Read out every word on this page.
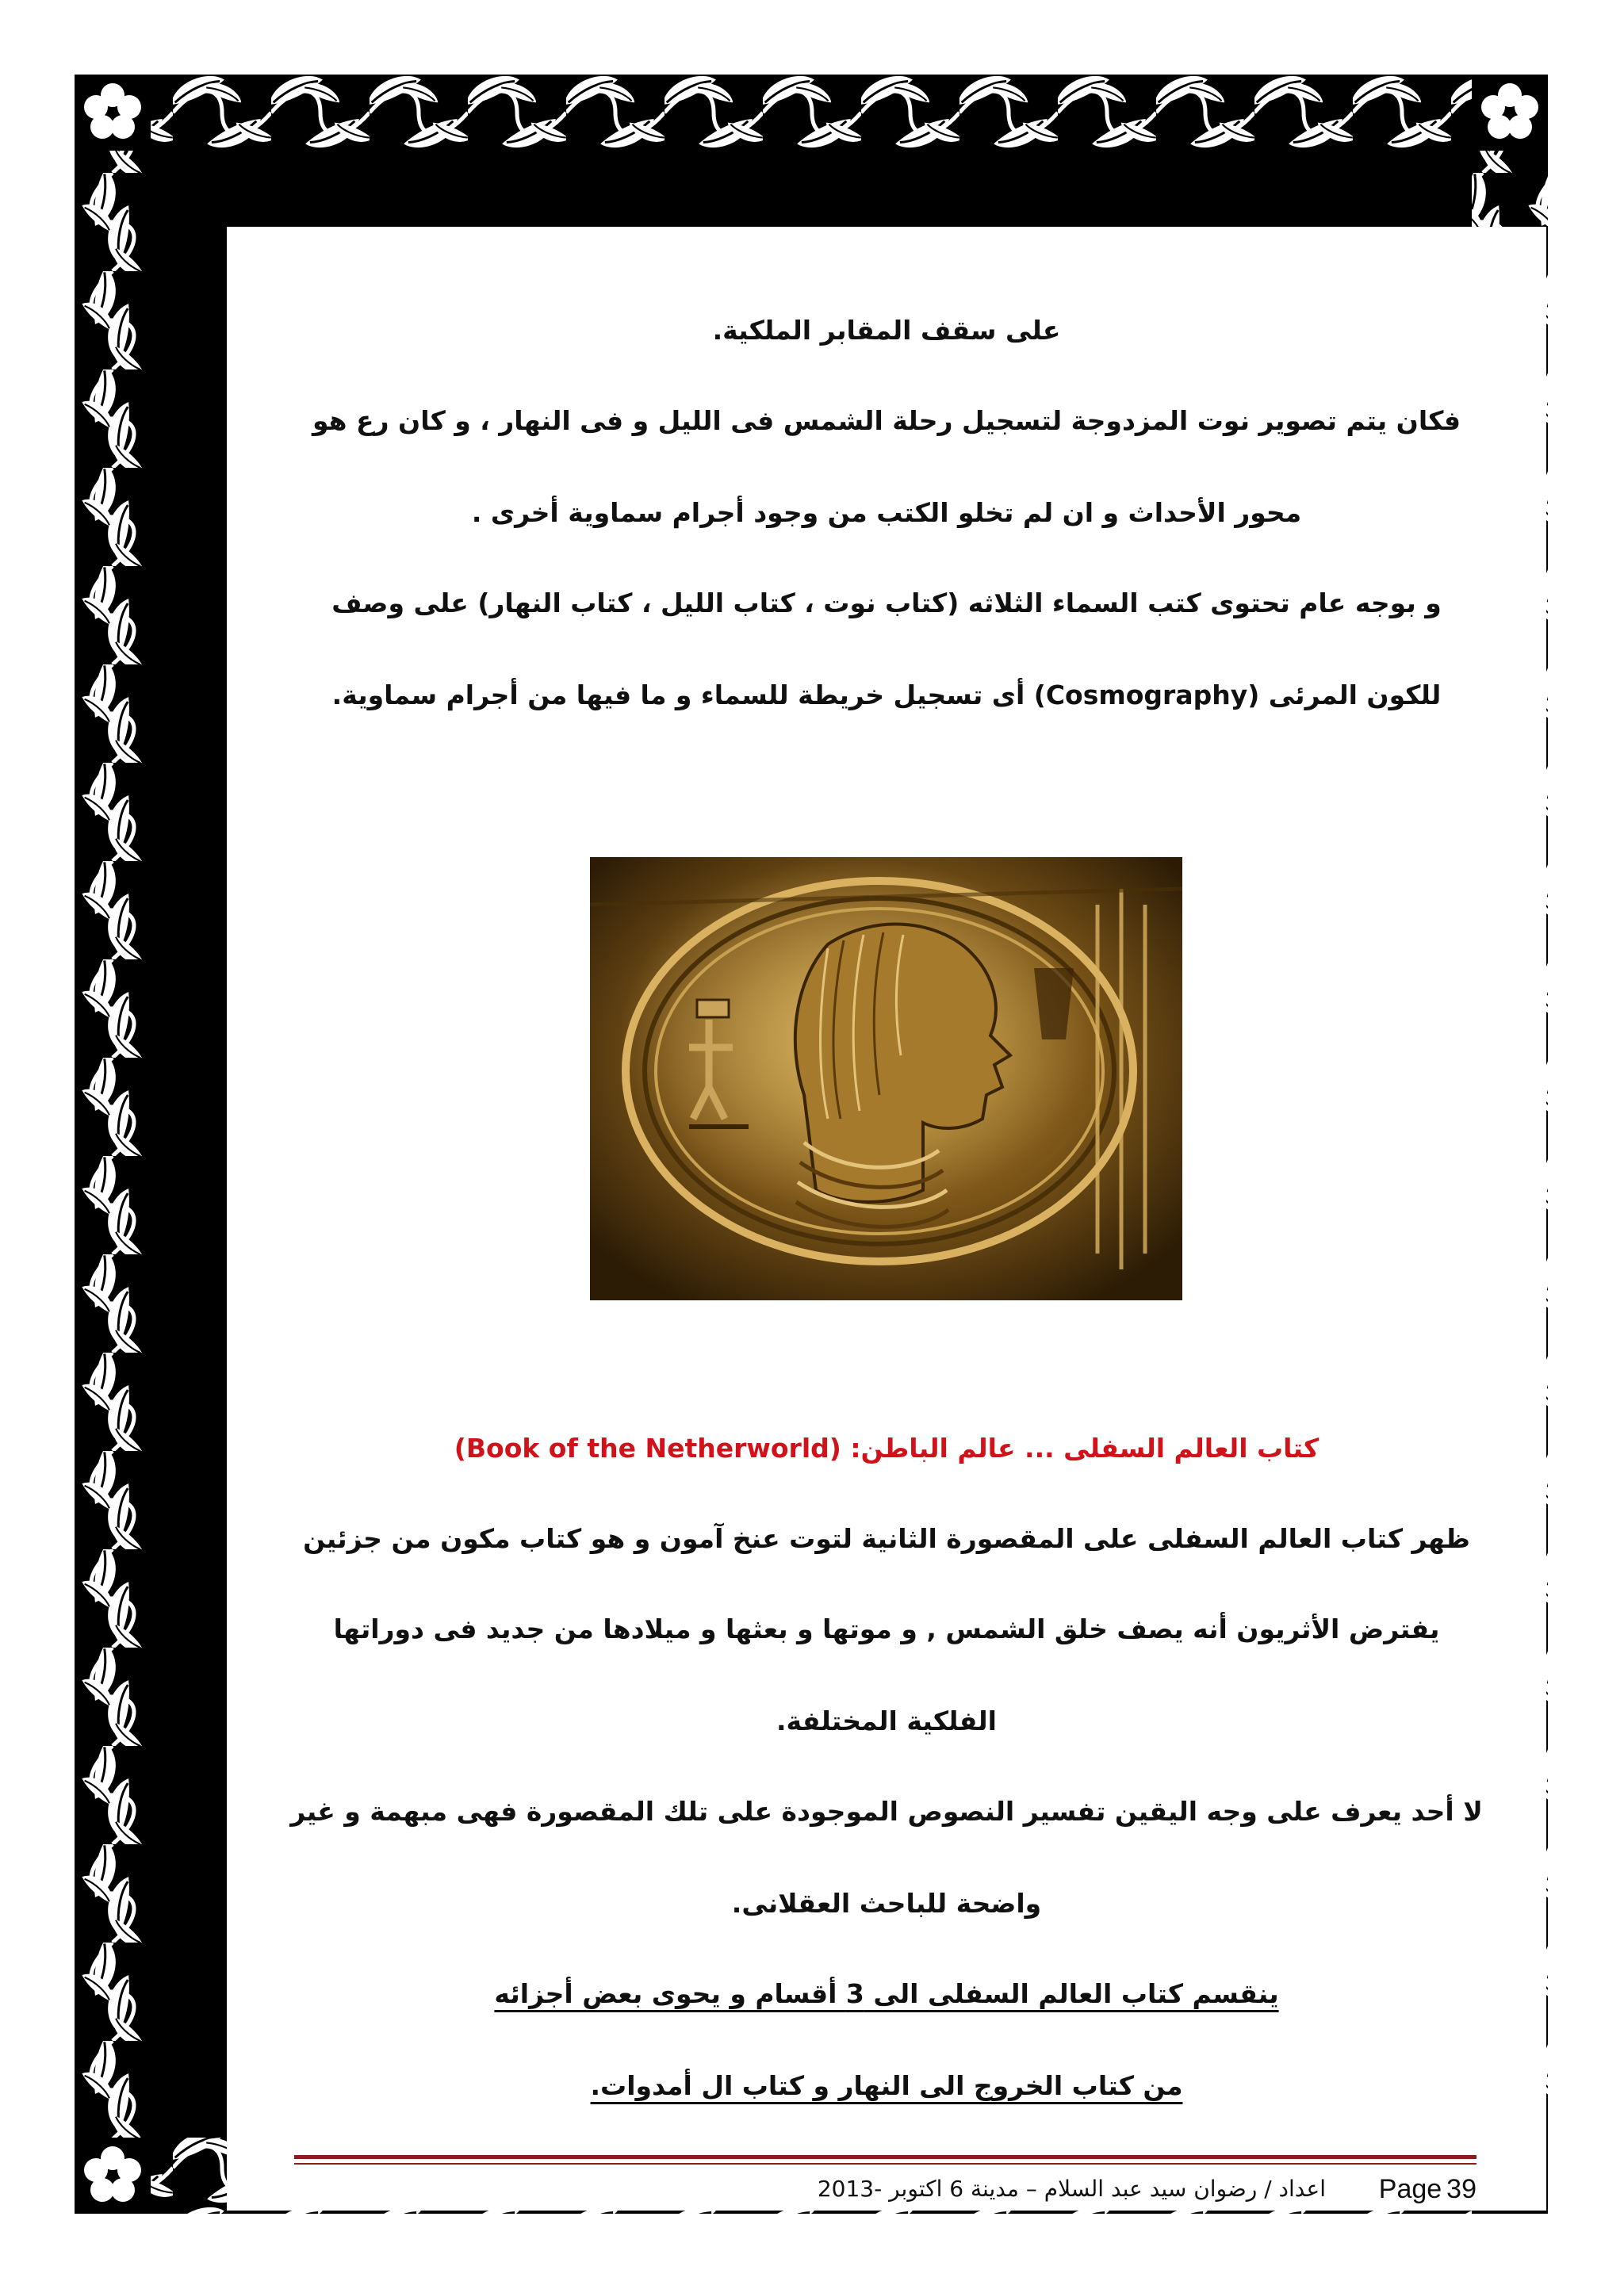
على سقف المقابر الملكية.
فكان يتم تصوير نوت المزدوجة لتسجيل رحلة الشمس فى الليل و فى النهار ، و كان رع هو
محور الأحداث و ان لم تخلو الكتب من وجود أجرام سماوية أخرى .
و بوجه عام تحتوى كتب السماء الثلاثه (كتاب نوت ، كتاب الليل ، كتاب النهار) على وصف
للكون المرئى (Cosmography) أى تسجيل خريطة للسماء و ما فيها من أجرام سماوية.
كتاب العالم السفلى ... عالم الباطن: (Book of the Netherworld)
ظهر كتاب العالم السفلى على المقصورة الثانية لتوت عنخ آمون و هو كتاب مكون من جزئين
يفترض الأثريون أنه يصف خلق الشمس , و موتها و بعثها و ميلادها من جديد فى دوراتها
الفلكية المختلفة.
لا أحد يعرف على وجه اليقين تفسير النصوص الموجودة على تلك المقصورة فهى مبهمة و غير
واضحة للباحث العقلانى.
ينقسم كتاب العالم السفلى الى 3 أقسام و يحوى بعض أجزائه
من كتاب الخروج الى النهار و كتاب ال أمدوات.
Page 39
اعداد / رضوان سيد عبد السلام – مدينة 6 اكتوبر -2013
